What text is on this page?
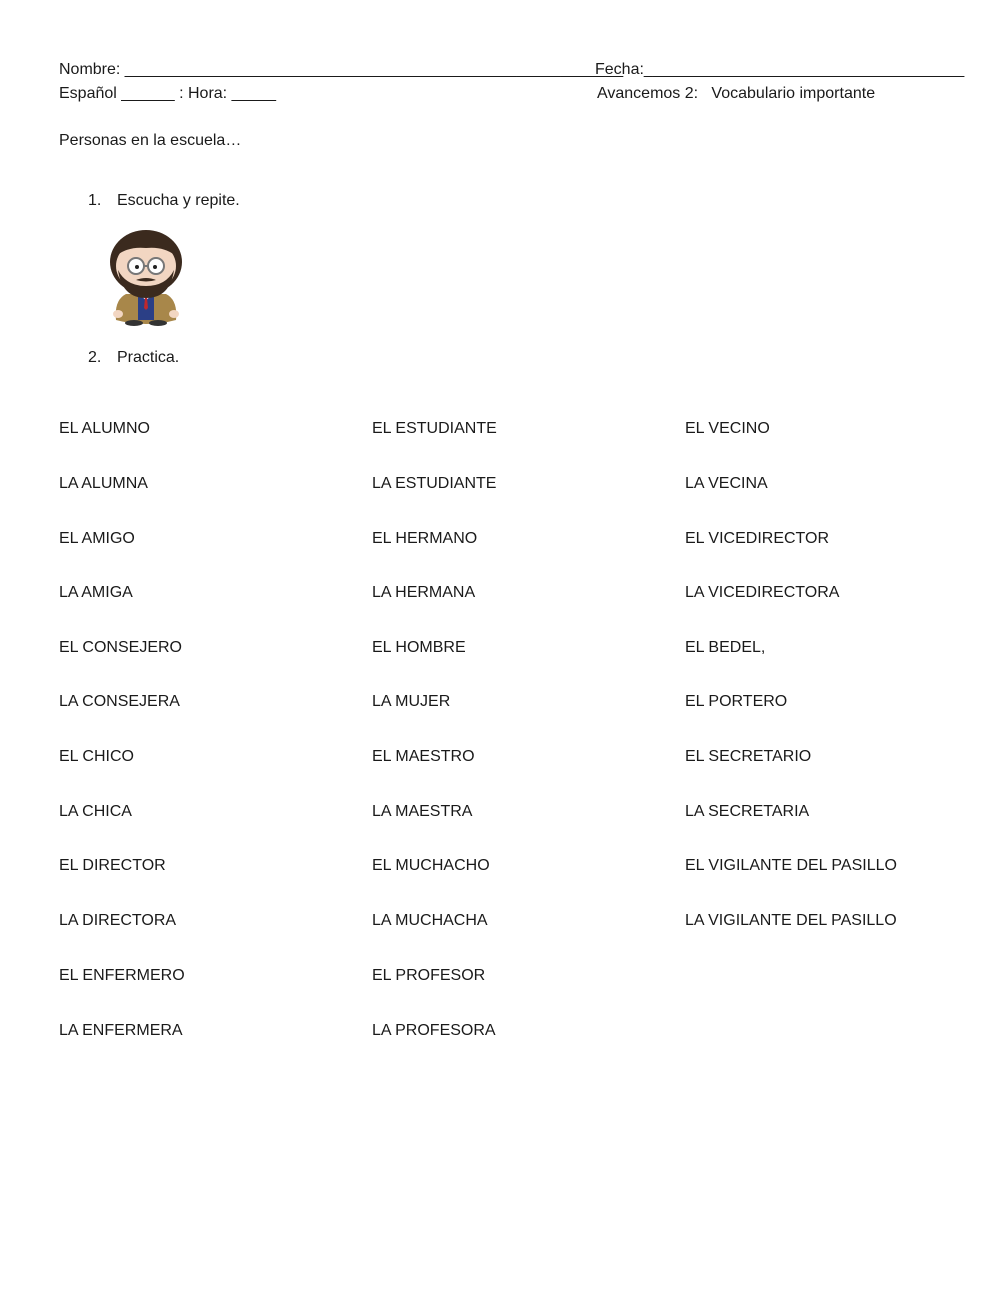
Nombre: ________________________________________________________
Fecha:____________________________________
Español ______ : Hora: _____	Avancemos 2:   Vocabulario importante
Personas en la escuela…
1. Escucha y repite.
2. Practica.
EL ALUMNO
LA ALUMNA
EL AMIGO
LA AMIGA
EL CONSEJERO
LA CONSEJERA
EL CHICO
LA CHICA
EL DIRECTOR
LA DIRECTORA
EL ENFERMERO
LA ENFERMERA
EL ESTUDIANTE
LA ESTUDIANTE
EL HERMANO
LA HERMANA
EL HOMBRE
LA MUJER
EL MAESTRO
LA MAESTRA
EL MUCHACHO
LA MUCHACHA
EL PROFESOR
LA PROFESORA
EL VECINO
LA VECINA
EL VICEDIRECTOR
LA VICEDIRECTORA
EL BEDEL,
EL PORTERO
EL SECRETARIO
LA SECRETARIA
EL VIGILANTE DEL PASILLO
LA VIGILANTE DEL PASILLO
